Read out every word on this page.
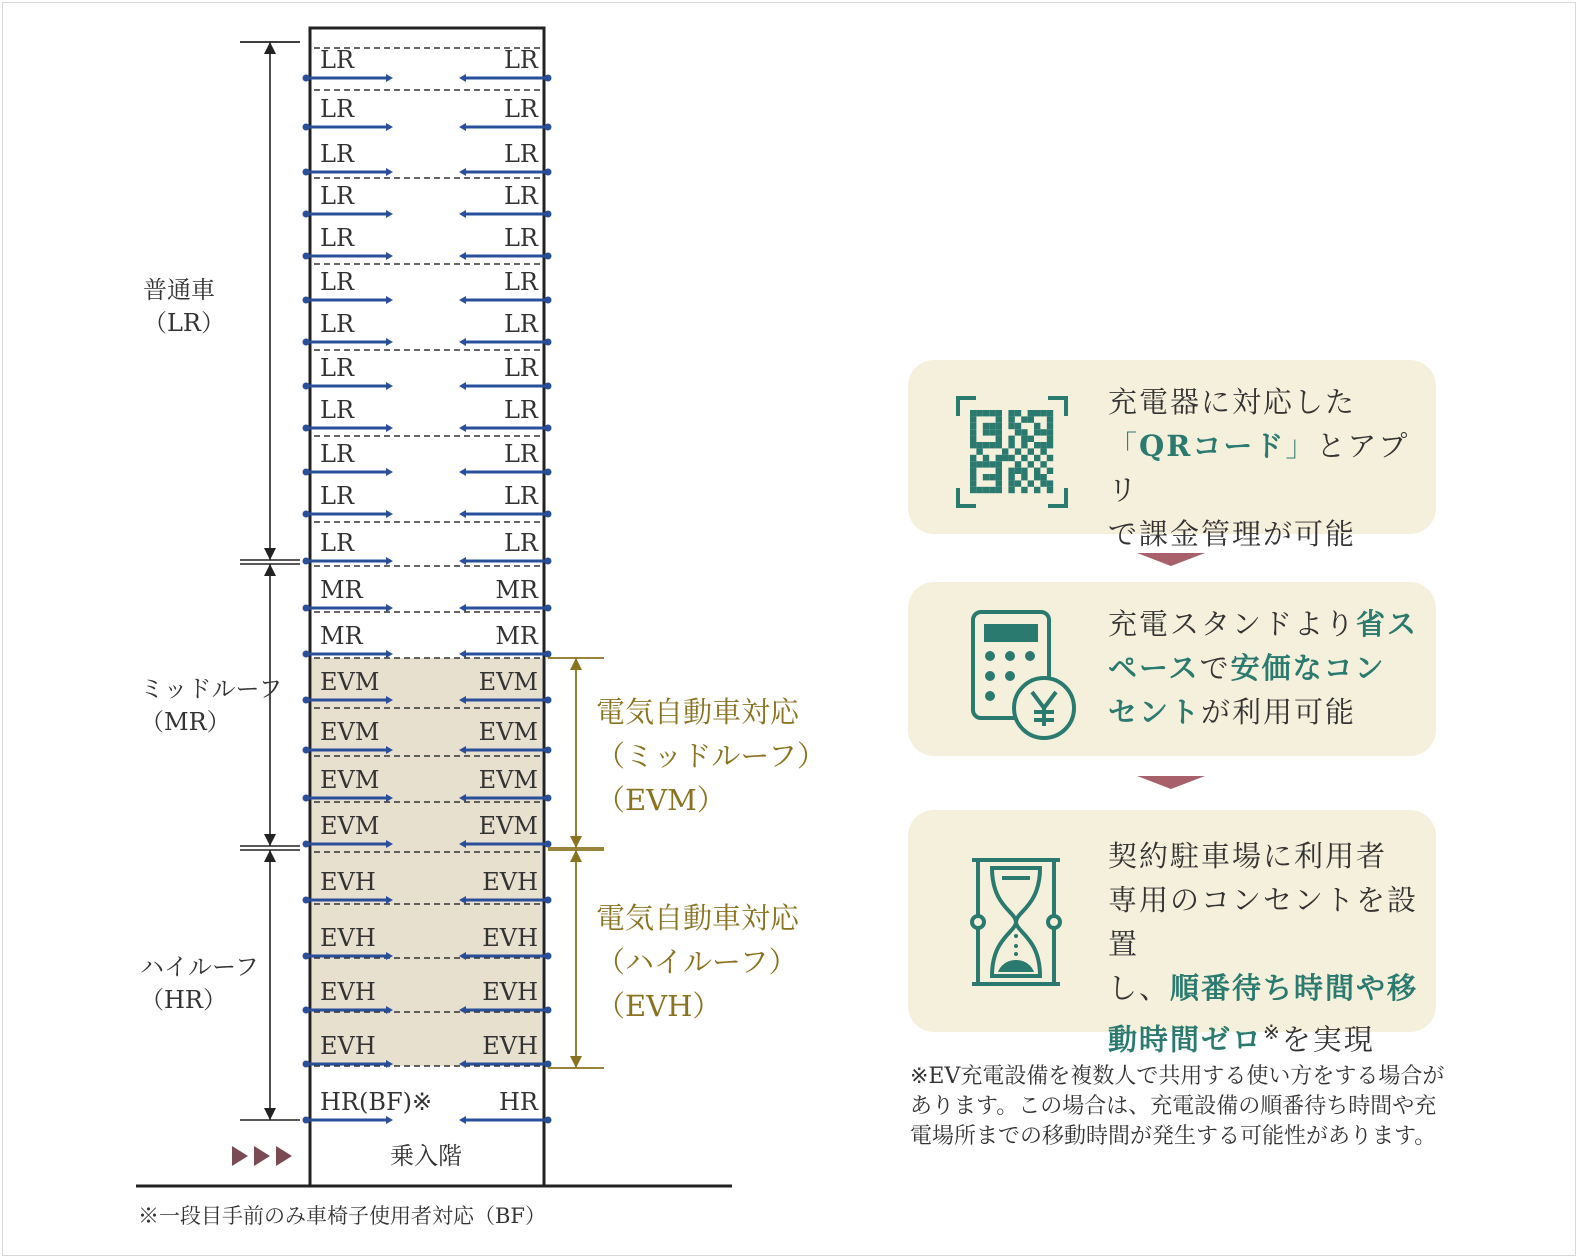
LR	LR
LR	LR
LR	LR
LR	LR
LR	LR
LR	LR
LR	LR
LR	LR
LR	LR
LR	LR
LR	LR
LR	LR
MR	MR
MR	MR
EVM	EVM
EVM	EVM
EVM	EVM
EVM	EVM
EVH	EVH
EVH	EVH
EVH	EVH
EVH	EVH
HR(BF)※	HR
普通車
（LR）
ミッドルーフ
（MR）
ハイルーフ
（HR）
電気自動車対応
（ミッドルーフ）
（EVM）
電気自動車対応
（ハイルーフ）
（EVH）
乗入階
※一段目手前のみ車椅子使用者対応（BF）
充電器に対応した
「QRコード」とアプリ
で課金管理が可能
充電スタンドより省ス
ペースで安価なコン
セントが利用可能
契約駐車場に利用者
専用のコンセントを設置
し、順番待ち時間や移
動時間ゼロ※を実現
※EV充電設備を複数人で共用する使い方をする場合があります。この場合は、充電設備の順番待ち時間や充電場所までの移動時間が発生する可能性があります。
